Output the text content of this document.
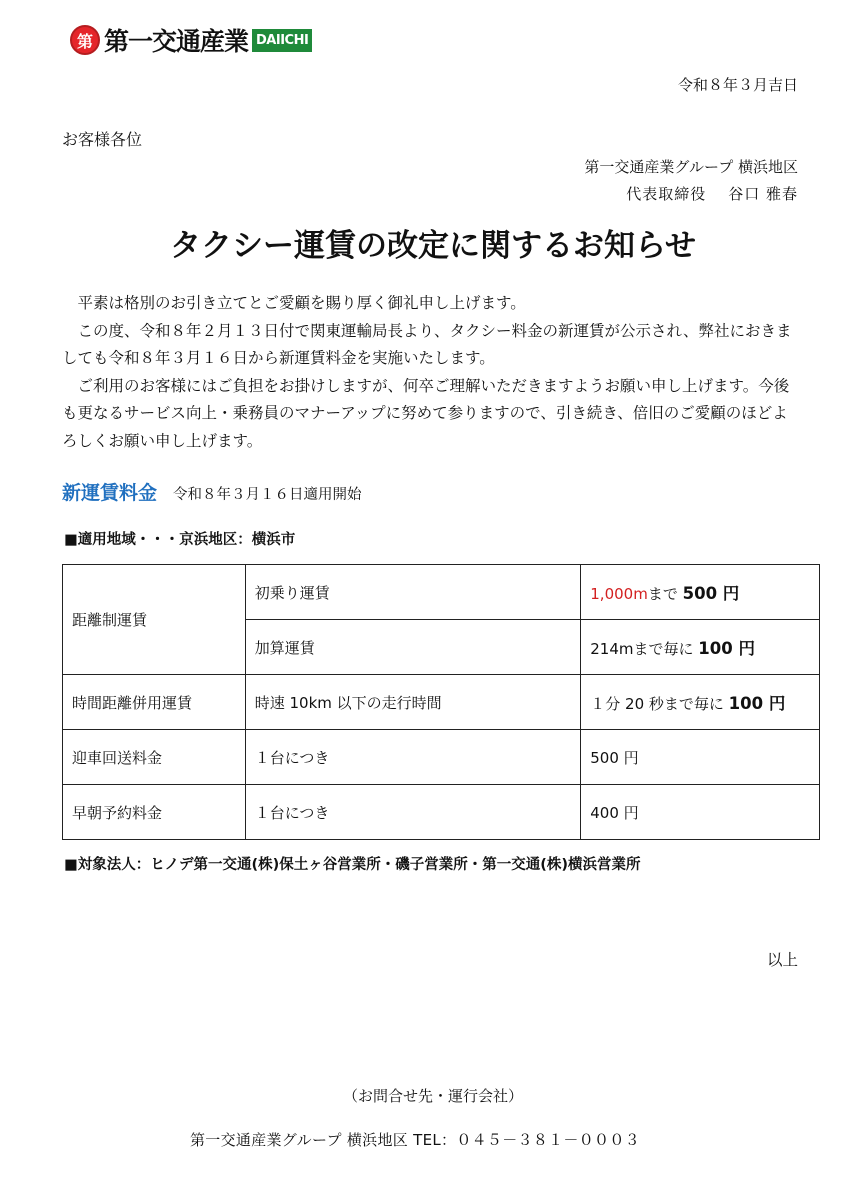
第 第一交通産業 DAIICHI
令和８年３月吉日
お客様各位
第一交通産業グループ 横浜地区
代表取締役 谷口 雅春
タクシー運賃の改定に関するお知らせ

　平素は格別のお引き立てとご愛顧を賜り厚く御礼申し上げます。

　この度、令和８年２月１３日付で関東運輸局長より、タクシー料金の新運賃が公示され、弊社におきましても令和８年３月１６日から新運賃料金を実施いたします。

　ご利用のお客様にはご負担をお掛けしますが、何卒ご理解いただきますようお願い申し上げます。今後も更なるサービス向上・乗務員のマナーアップに努めて参りますので、引き続き、倍旧のご愛顧のほどよろしくお願い申し上げます。

新運賃料金 令和８年３月１６日適用開始
■適用地域・・・京浜地区：横浜市
距離制運賃	初乗り運賃	1,000mまで 500 円
	加算運賃	214mまで毎に 100 円
時間距離併用運賃	時速 10km 以下の走行時間	１分 20 秒まで毎に 100 円
迎車回送料金	１台につき	500 円
早朝予約料金	１台につき	400 円
■対象法人：ヒノデ第一交通(株)保土ヶ谷営業所・磯子営業所・第一交通(株)横浜営業所
以上
（お問合せ先・運行会社）
第一交通産業グループ 横浜地区 TEL：０４５－３８１－０００３
